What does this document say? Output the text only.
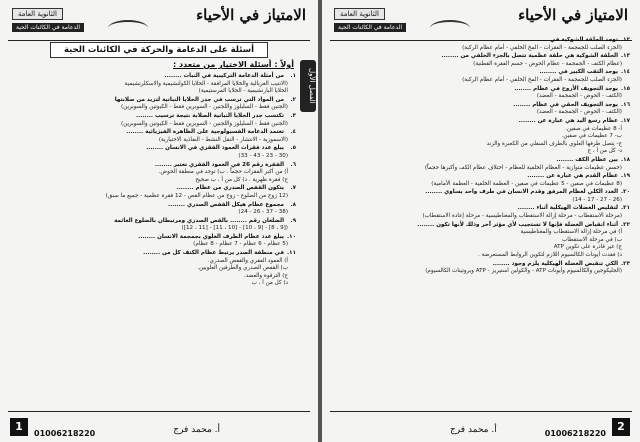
الامتياز في الأحياء
الثانوية العامة
الدعامة في الكائنات الحية
أسئلة على الدعامة والحركة في الكائنات الحية
الفصل الأول
أولاً : أسئلة الاختيار من متعدد :
١.من أمثلة الدعامة التركيبية في النبات ........
(الانتيب الغربالية والخلايا المرافقة - الخلايا الكولنشيمية والاسكلرنشيمية
الخلايا البارنشيمية - الخلايا المرستيمية)
٢.من المواد التي ترسب في جدر الخلايا النباتية لتزيد من صلابتها
(الجنين فقط - السليلوز واللجنين - السوبرين فقط - الكيوتين والسوبرين)
٣.تكتسب جدر الخلايا النباتية الصلابة نتيجة ترسيب ........
(الجنين فقط - السليلوز واللجنين - السوبرين فقط - الكيوتين والسوبرين)
٤.تعتمد الدعامة الفسيولوجية على الظاهرة الفيزيائية ........
(الاسموزية - الانتشار - النقل النشط - النفاذية الاختيارية)
٥.يبلغ عدد فقرات العمود الفقري في الانسان ........
(30 - 23 - 43 - 33)
٦.الفقرة رقم 26 في العمود الفقري تعتبر ........
أ) من أكبر الفقرات حجماً . ب) توجد في منطقة الحوض.
ج) فقرة ظهرية . د) كل من أ ، ب صحيح
٧.يتكون القفص الصدري من عظام ........
(12 زوج من الضلوع - زوج من عظام القص - 12 فقرة عظمية - جميع ما سبق)
٨.مجموع عظام هيكل القفص الصدري ........
(38 - 37 - 26 - 24)
٩.الضلعان رقم ........ بالقص الصدري ومرتبطان بالضلوع العائمة
([9 ، 8] - [9 ، 10] - [10 ، 11] - [11 ، 12])
١٠.يبلغ عدد عظام الطرف العلوي بجمجمة الانسان ........
(5 عظام - 6 عظام - 7 عظام - 8 عظام)
١١.في منطقة الصدر يرتبط عظام الكتف كل من ........
أ) العمود الفقري والقفص الصدري.
ب) القفص الصدري والطرفين العلويين.
ج) الترقوة والعضد.
د) كل من أ ، ب
1
01006218220	أ. محمد فرج
الامتياز في الأحياء
الثانوية العامة
الدعامة في الكائنات الحية
١٢.توجد الحلقة الشوكية في ........
(الجزء الصلب للجمجمة - الفقرات - المخ الخلفي - أمام عظام الركبة)
١٣.الحلقة الشوكية هي حلقة عظمية تتصل بالجزء الخلفي من ........
(عظام الكتف - الجمجمة - عظام الحوض - جسم الفقرة القطنية)
١٤.يوجد الثقب الكبير في ........
(الجزء الصلب للجمجمة - الفقرات - المخ الخلفي - أمام عظام الركبة)
١٥.يوجد التجويف الأروح في عظام ........
(الكتف - الحوض - الجمجمة - العضد)
١٦.يوجد التجويف الحقي في عظام ........
(الكتف - الحوض - الجمجمة - العضد)
١٧.عظام رسغ اليد هي عبارة عن ........
أ- 8 عظيمات في صفين.
ب- 7 عظيمات في صفين.
ج- يتصل طرفها العلوي بالطرف السفلي من الكعبرة والزند
د- كل من أ ، ج
١٨.بين عظام الكف ........
(خمس عظيمات متوازية - العظام الخلفية للعظام - اختلاف عظام الكف وأكبرها حجماً)
١٩.عظام القدم هي عبارة عن ........
(8 عظيمات في صفين - 5 عظيمات في صفين - العظمة الخلفية - العظمة الأمامية)
٢٠.العدد الكلي لعظام المرفق وقدم الانسان في طرف واحد يساوي ........
(26 - 27 - 17 - 14)
٢١.لتقليص العضلات الهيكلية أثناء ........
(مرحلة الاستقطاب - مرحلة إزالة الاستقطاب والمغناطيسية - مرحلة إعادة الاستقطاب)
٢٢.أثناء انقباض العضلة فإنها لا تستجيب لأي مؤثر آخر وذلك لأنها تكون ........
أ) في مرحلة إزالة الاستقطاب والمغناطيسية
ب) في مرحلة الاستقطاب
ج) غير قادرة على تكوين ATP
د) فقدت أيونات الكالسيوم اللازم لتكوين الروابط المستعرضة .
٢٣.الكي تنقبض العضلة الهيكلية يلزم وجود ........
(الجليكوجين والكالسيوم وأيونات ATP - والكولين استيريز - ATP وبروتينات الكالسيوم)
2
01006218220
أ. محمد فرج
